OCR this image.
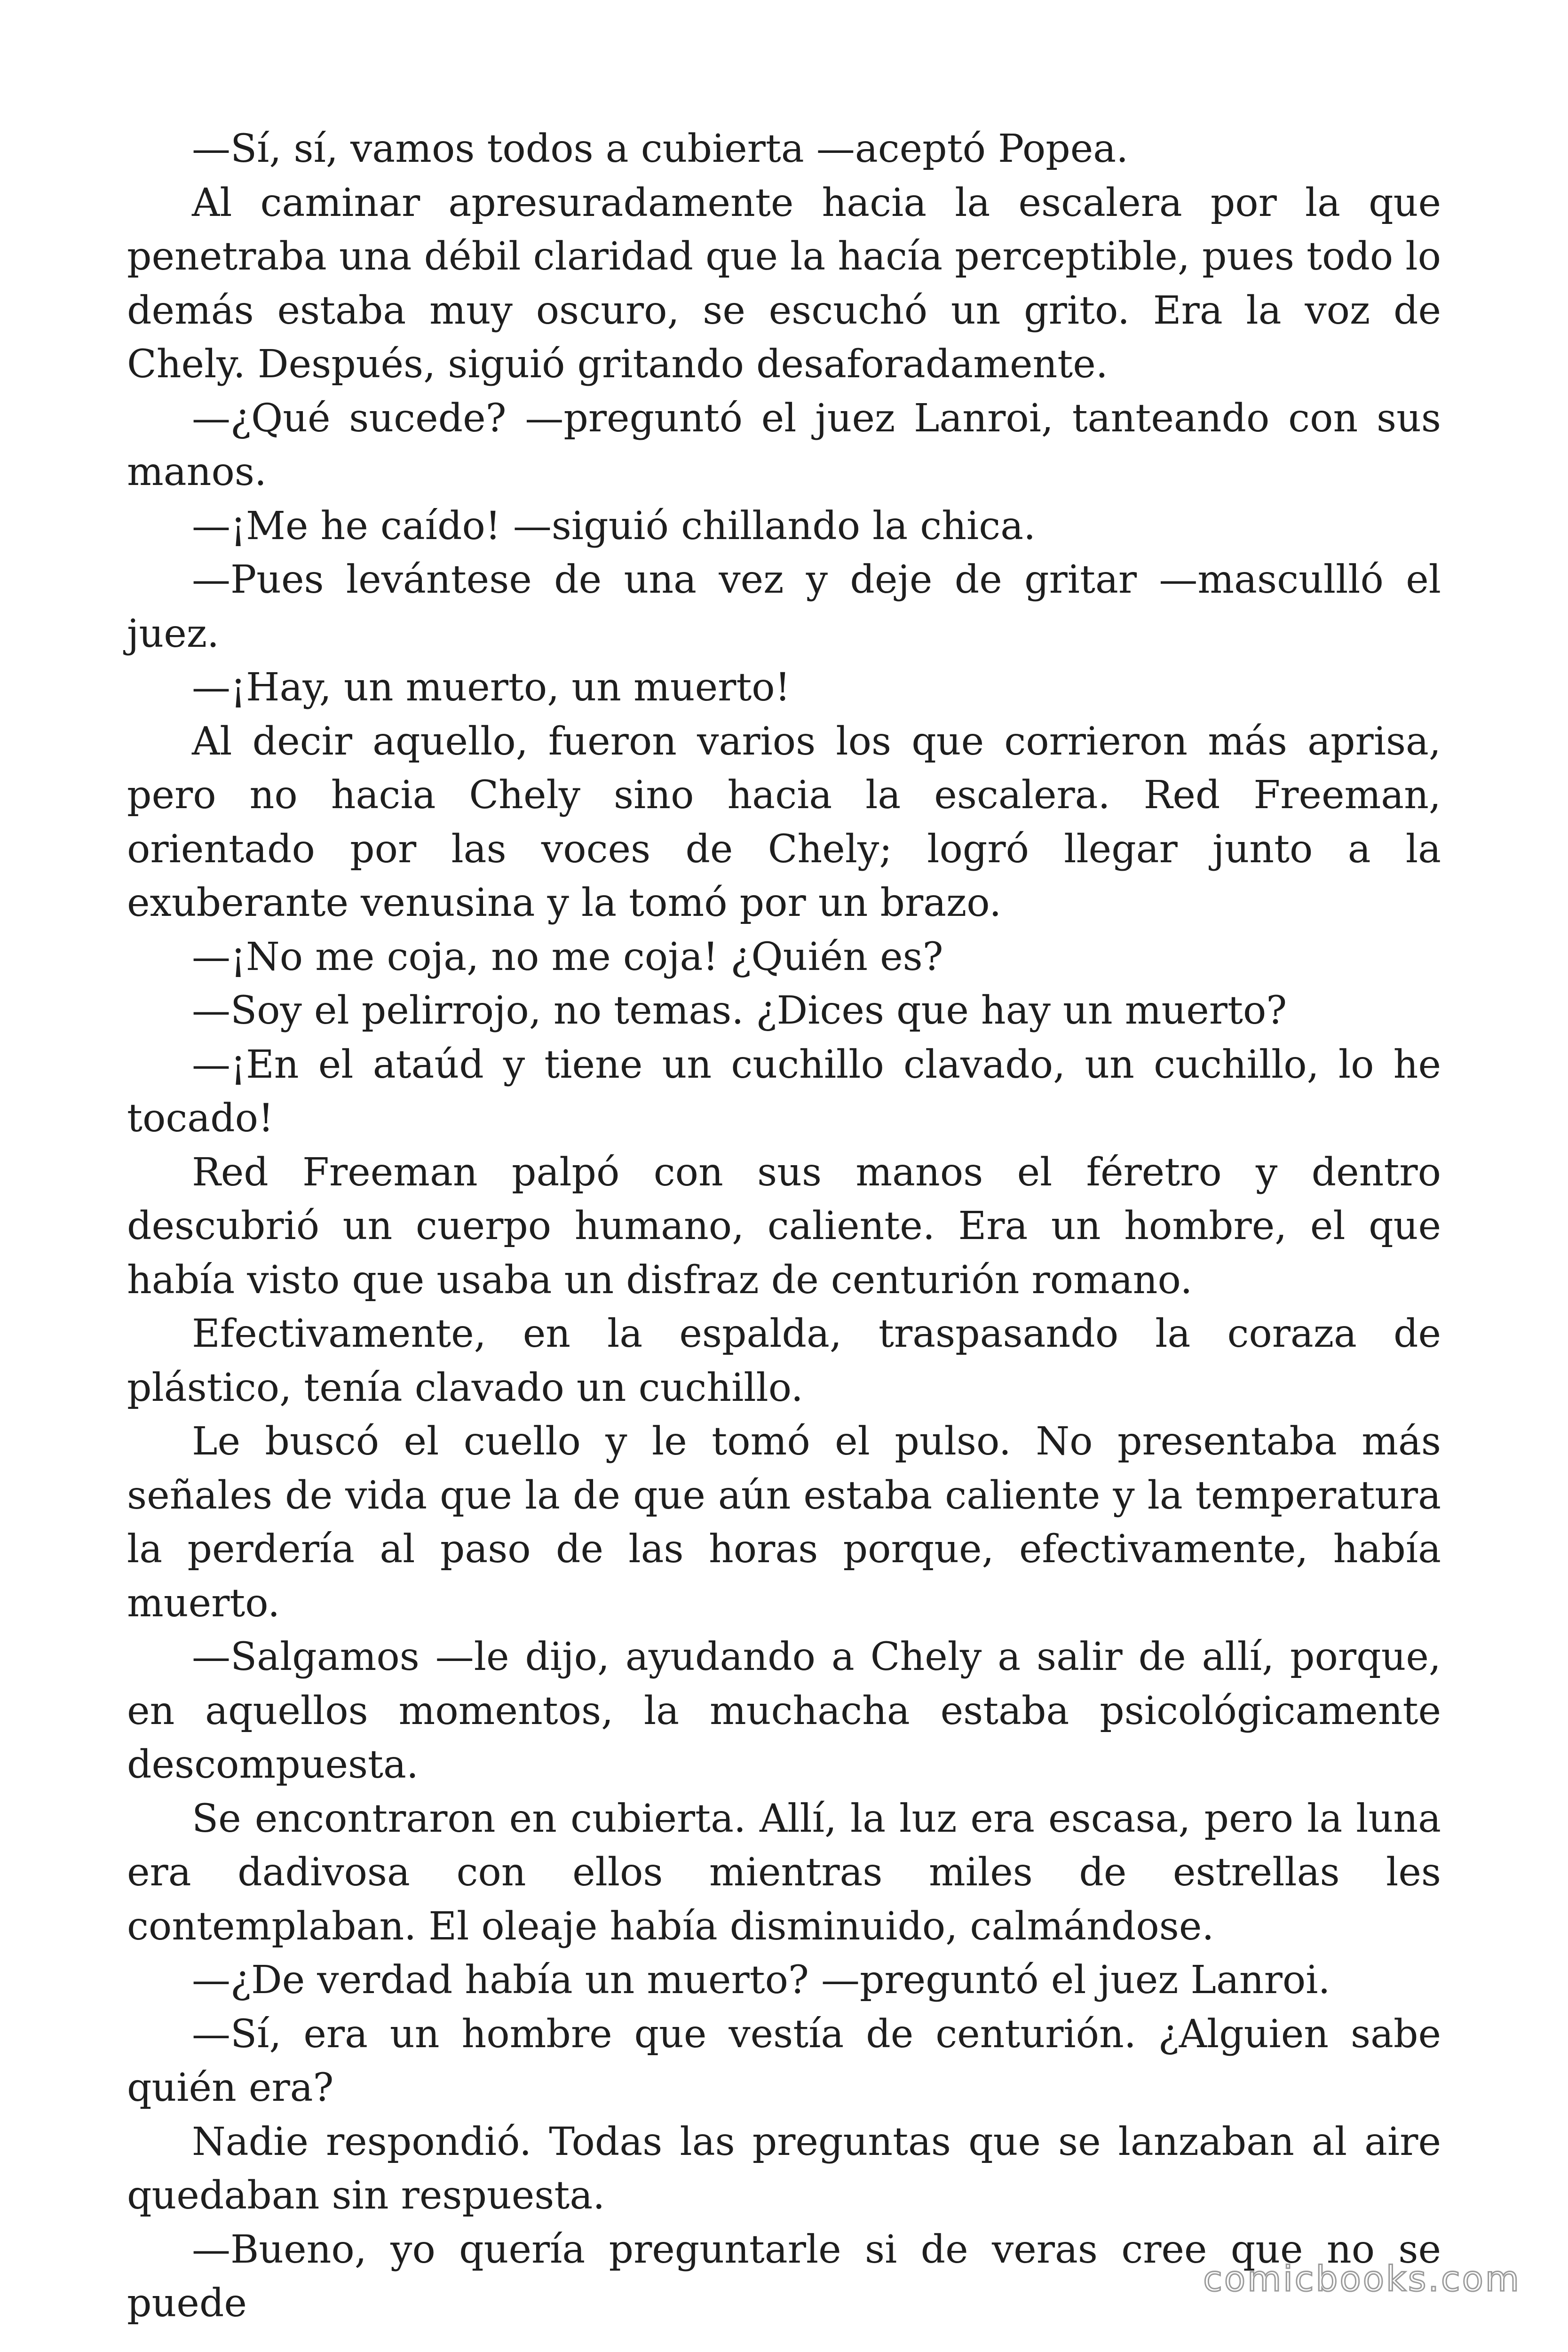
—Sí, sí, vamos todos a cubierta —aceptó Popea.

Al caminar apresuradamente hacia la escalera por la que penetraba una débil claridad que la hacía perceptible, pues todo lo demás estaba muy oscuro, se escuchó un grito. Era la voz de Chely. Después, siguió gritando desaforadamente.

—¿Qué sucede? —preguntó el juez Lanroi, tanteando con sus manos.

—¡Me he caído! —siguió chillando la chica.

—Pues levántese de una vez y deje de gritar —mascullló el juez.

—¡Hay, un muerto, un muerto!

Al decir aquello, fueron varios los que corrieron más aprisa, pero no hacia Chely sino hacia la escalera. Red Freeman, orientado por las voces de Chely; logró llegar junto a la exuberante venusina y la tomó por un brazo.

—¡No me coja, no me coja! ¿Quién es?

—Soy el pelirrojo, no temas. ¿Dices que hay un muerto?

—¡En el ataúd y tiene un cuchillo clavado, un cuchillo, lo he tocado!

Red Freeman palpó con sus manos el féretro y dentro descubrió un cuerpo humano, caliente. Era un hombre, el que había visto que usaba un disfraz de centurión romano.

Efectivamente, en la espalda, traspasando la coraza de plástico, tenía clavado un cuchillo.

Le buscó el cuello y le tomó el pulso. No presentaba más señales de vida que la de que aún estaba caliente y la temperatura la perdería al paso de las horas porque, efectivamente, había muerto.

—Salgamos —le dijo, ayudando a Chely a salir de allí, porque, en aquellos momentos, la muchacha estaba psicológicamente descompuesta.

Se encontraron en cubierta. Allí, la luz era escasa, pero la luna era dadivosa con ellos mientras miles de estrellas les contemplaban. El oleaje había disminuido, calmándose.

—¿De verdad había un muerto? —preguntó el juez Lanroi.

—Sí, era un hombre que vestía de centurión. ¿Alguien sabe quién era?

Nadie respondió. Todas las preguntas que se lanzaban al aire quedaban sin respuesta.

—Bueno, yo quería preguntarle si de veras cree que no se puede

comicbooks.com
